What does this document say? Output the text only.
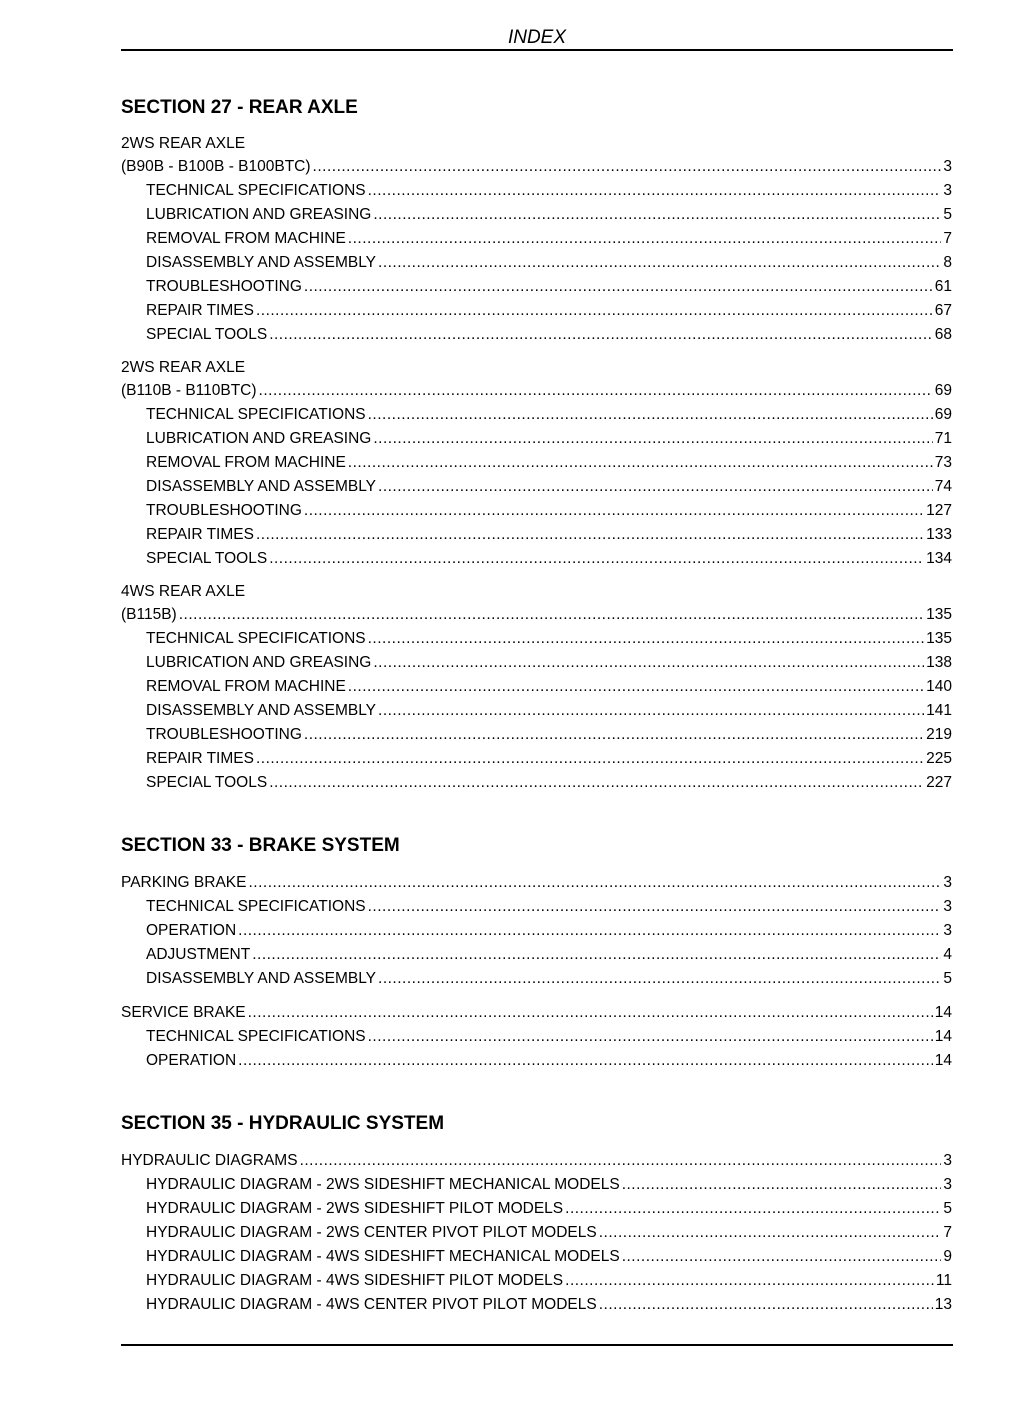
INDEX
SECTION 27 - REAR AXLE
2WS REAR AXLE
(B90B - B100B - B100BTC) .....	3
TECHNICAL SPECIFICATIONS .....	3
LUBRICATION AND GREASING .....	5
REMOVAL FROM MACHINE .....	7
DISASSEMBLY AND ASSEMBLY .....	8
TROUBLESHOOTING .....	61
REPAIR TIMES .....	67
SPECIAL TOOLS .....	68
2WS REAR AXLE
(B110B - B110BTC) .....	69
TECHNICAL SPECIFICATIONS .....	69
LUBRICATION AND GREASING .....	71
REMOVAL FROM MACHINE .....	73
DISASSEMBLY AND ASSEMBLY .....	74
TROUBLESHOOTING .....	127
REPAIR TIMES .....	133
SPECIAL TOOLS .....	134
4WS REAR AXLE
(B115B) .....	135
TECHNICAL SPECIFICATIONS .....	135
LUBRICATION AND GREASING .....	138
REMOVAL FROM MACHINE .....	140
DISASSEMBLY AND ASSEMBLY .....	141
TROUBLESHOOTING .....	219
REPAIR TIMES .....	225
SPECIAL TOOLS .....	227
SECTION 33 - BRAKE SYSTEM
PARKING BRAKE .....	3
TECHNICAL SPECIFICATIONS .....	3
OPERATION .....	3
ADJUSTMENT .....	4
DISASSEMBLY AND ASSEMBLY .....	5
SERVICE BRAKE .....	14
TECHNICAL SPECIFICATIONS .....	14
OPERATION .....	14
SECTION 35 - HYDRAULIC SYSTEM
HYDRAULIC DIAGRAMS .....	3
HYDRAULIC DIAGRAM - 2WS SIDESHIFT MECHANICAL MODELS .....	3
HYDRAULIC DIAGRAM - 2WS SIDESHIFT PILOT MODELS .....	5
HYDRAULIC DIAGRAM - 2WS CENTER PIVOT PILOT MODELS .....	7
HYDRAULIC DIAGRAM - 4WS SIDESHIFT MECHANICAL MODELS .....	9
HYDRAULIC DIAGRAM - 4WS SIDESHIFT PILOT MODELS .....	11
HYDRAULIC DIAGRAM - 4WS CENTER PIVOT PILOT MODELS .....	13
